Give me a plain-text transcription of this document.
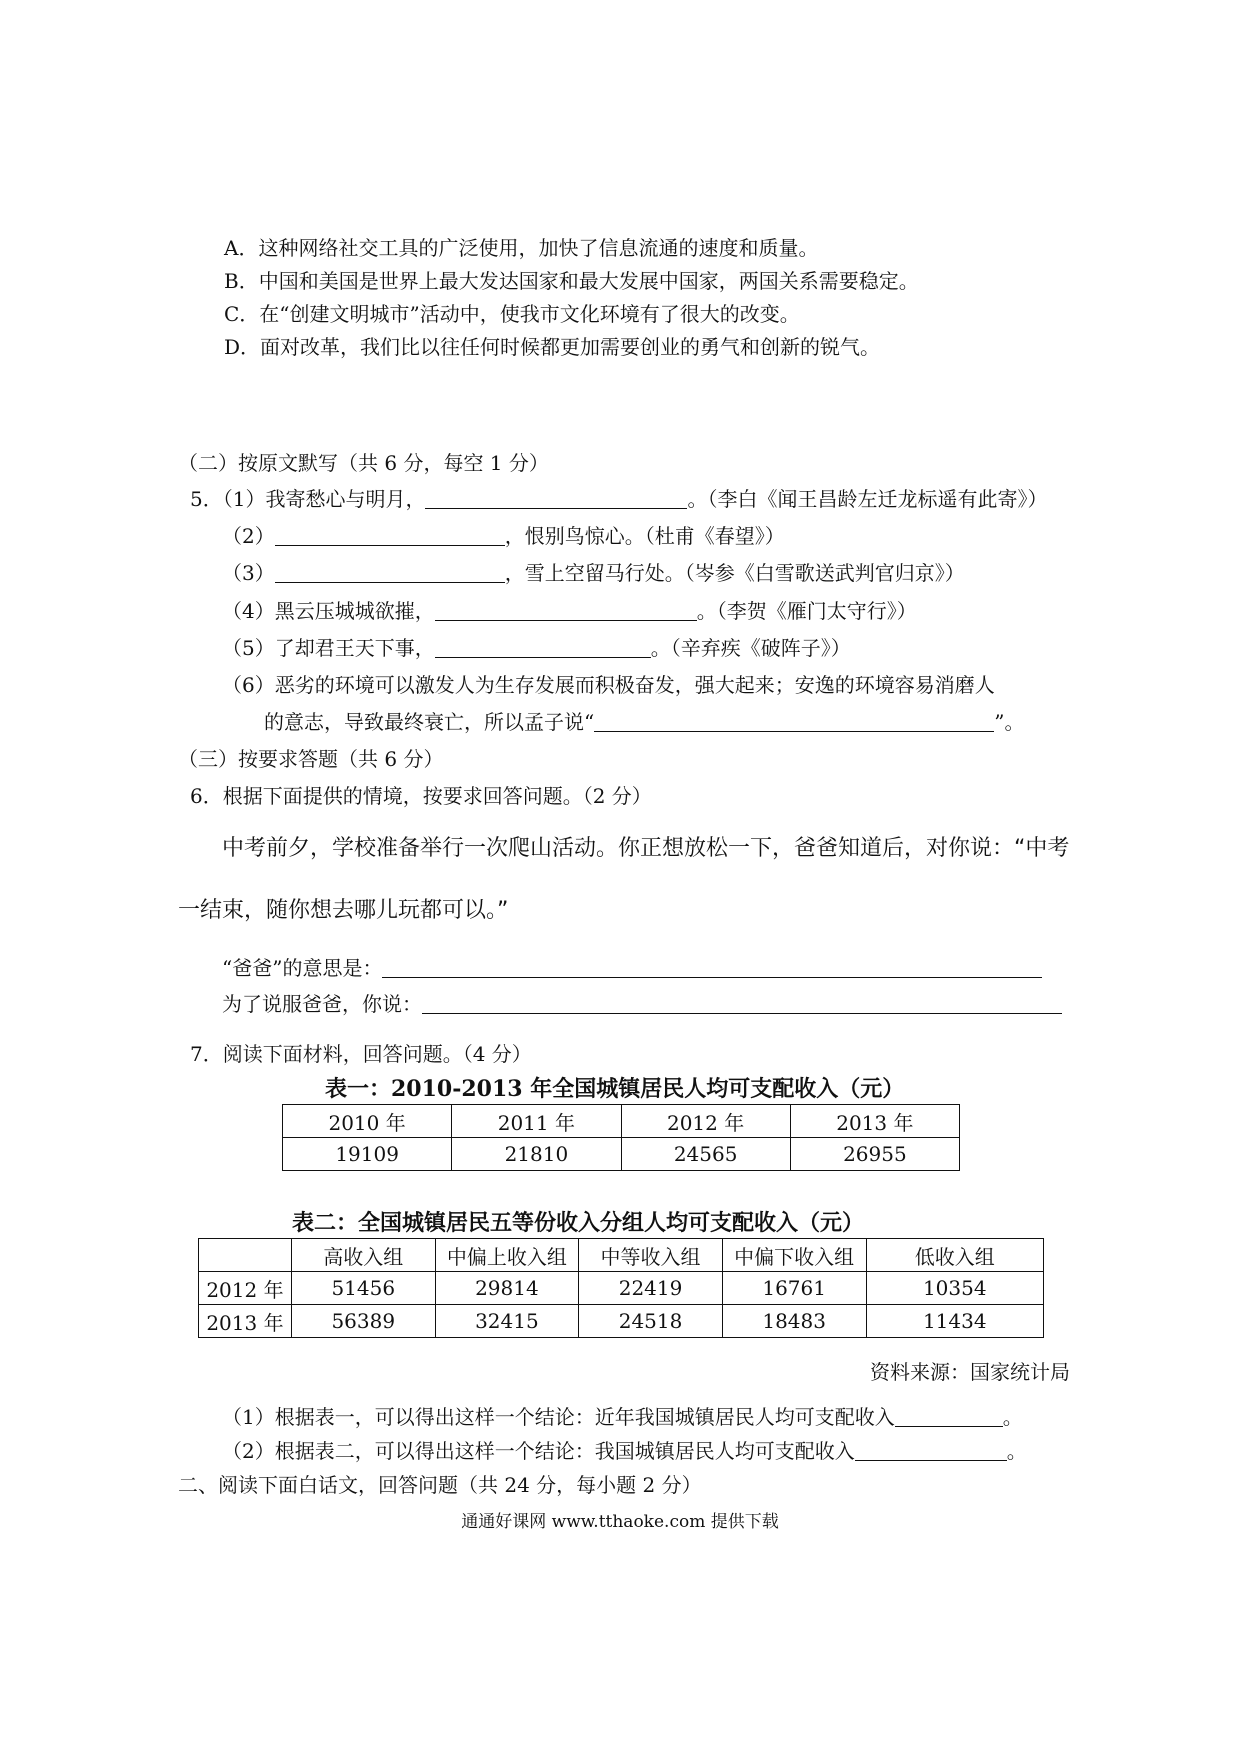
A．这种网络社交工具的广泛使用，加快了信息流通的速度和质量。
B．中国和美国是世界上最大发达国家和最大发展中国家，两国关系需要稳定。
C．在“创建文明城市”活动中，使我市文化环境有了很大的改变。
D．面对改革，我们比以往任何时候都更加需要创业的勇气和创新的锐气。
（二）按原文默写（共 6 分，每空 1 分）
5．（1）我寄愁心与明月，	。（李白《闻王昌龄左迁龙标遥有此寄》）
（2）	，恨别鸟惊心。（杜甫《春望》）
（3）	，雪上空留马行处。（岑参《白雪歌送武判官归京》）
（4）黑云压城城欲摧，	。（李贺《雁门太守行》）
（5）了却君王天下事，	。（辛弃疾《破阵子》）
（6）恶劣的环境可以激发人为生存发展而积极奋发，强大起来；安逸的环境容易消磨人
的意志，导致最终衰亡，所以孟子说“	”。
（三）按要求答题（共 6 分）
6．根据下面提供的情境，按要求回答问题。（2 分）
中考前夕，学校准备举行一次爬山活动。你正想放松一下，爸爸知道后，对你说：“中考
一结束，随你想去哪儿玩都可以。”
“爸爸”的意思是：
为了说服爸爸，你说：
7．阅读下面材料，回答问题。（4 分）
表一：2010-2013 年全国城镇居民人均可支配收入（元）
2010 年	2011 年	2012 年	2013 年
19109	21810	24565	26955
表二：全国城镇居民五等份收入分组人均可支配收入（元）
	高收入组	中偏上收入组	中等收入组	中偏下收入组	低收入组
2012 年	51456	29814	22419	16761	10354
2013 年	56389	32415	24518	18483	11434
资料来源：国家统计局
（1）根据表一，可以得出这样一个结论：近年我国城镇居民人均可支配收入	。
（2）根据表二，可以得出这样一个结论：我国城镇居民人均可支配收入	。
二、阅读下面白话文，回答问题（共 24 分，每小题 2 分）
通通好课网 www.tthaoke.com 提供下载
